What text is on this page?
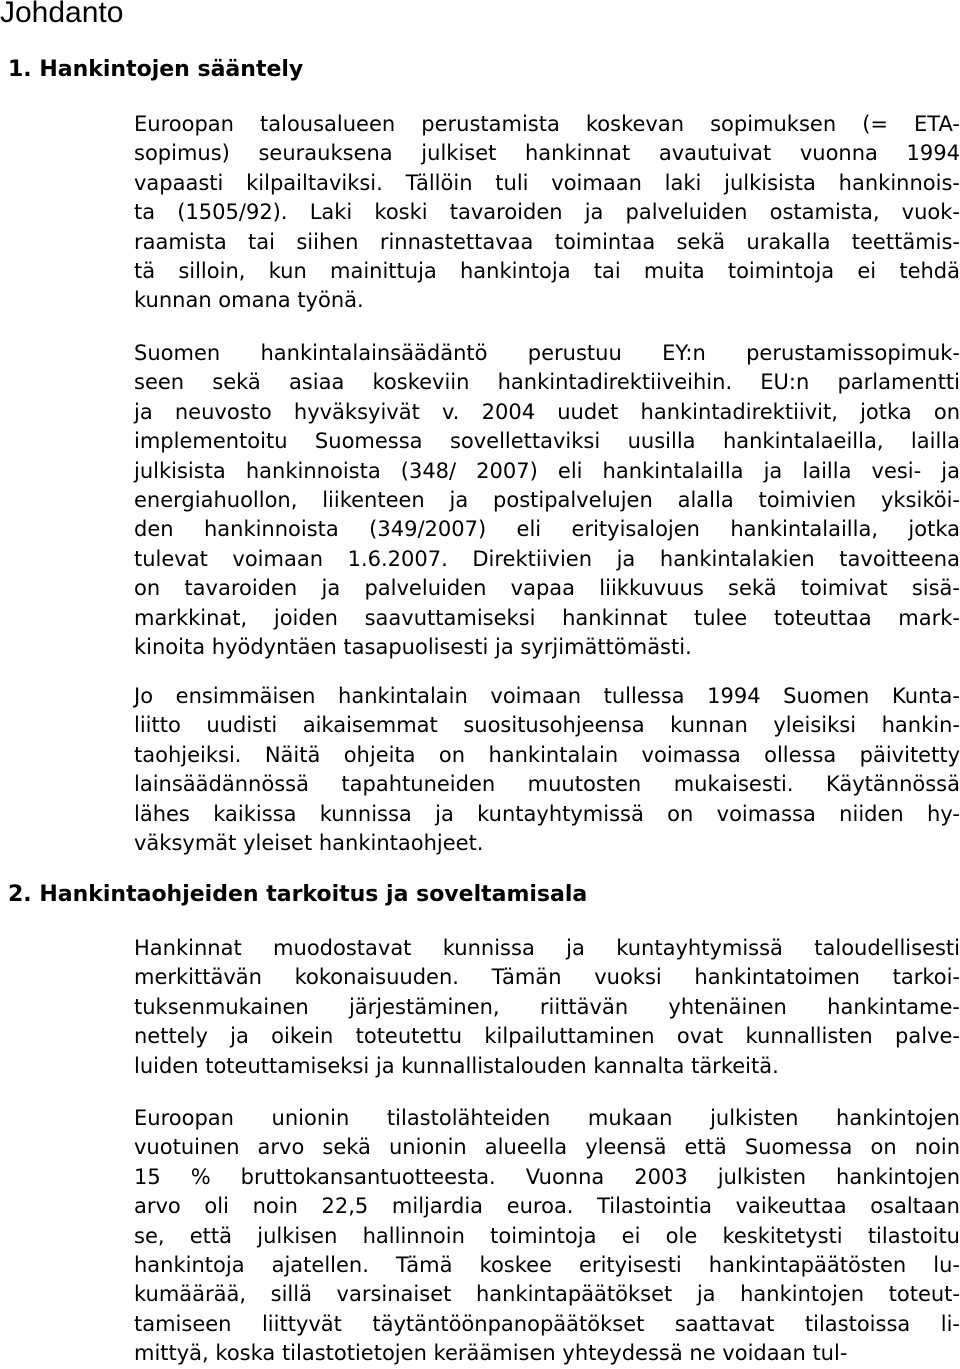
Johdanto
1. Hankintojen sääntely
Euroopan talousalueen perustamista koskevan sopimuksen (= ETA-
sopimus) seurauksena julkiset hankinnat avautuivat vuonna 1994
vapaasti kilpailtaviksi. Tällöin tuli voimaan laki julkisista hankinnois-
ta (1505/92). Laki koski tavaroiden ja palveluiden ostamista, vuok-
raamista tai siihen rinnastettavaa toimintaa sekä urakalla teettämis-
tä silloin, kun mainittuja hankintoja tai muita toimintoja ei tehdä
kunnan omana työnä.
Suomen hankintalainsäädäntö perustuu EY:n perustamissopimuk-
seen sekä asiaa koskeviin hankintadirektiiveihin. EU:n parlamentti
ja neuvosto hyväksyivät v. 2004 uudet hankintadirektiivit, jotka on
implementoitu Suomessa sovellettaviksi uusilla hankintalaeilla, lailla
julkisista hankinnoista (348/ 2007) eli hankintalailla ja lailla vesi- ja
energiahuollon, liikenteen ja postipalvelujen alalla toimivien yksiköi-
den hankinnoista (349/2007) eli erityisalojen hankintalailla, jotka
tulevat voimaan 1.6.2007. Direktiivien ja hankintalakien tavoitteena
on tavaroiden ja palveluiden vapaa liikkuvuus sekä toimivat sisä-
markkinat, joiden saavuttamiseksi hankinnat tulee toteuttaa mark-
kinoita hyödyntäen tasapuolisesti ja syrjimättömästi.
Jo ensimmäisen hankintalain voimaan tullessa 1994 Suomen Kunta-
liitto uudisti aikaisemmat suositusohjeensa kunnan yleisiksi hankin-
taohjeiksi. Näitä ohjeita on hankintalain voimassa ollessa päivitetty
lainsäädännössä tapahtuneiden muutosten mukaisesti. Käytännössä
lähes kaikissa kunnissa ja kuntayhtymissä on voimassa niiden hy-
väksymät yleiset hankintaohjeet.
2. Hankintaohjeiden tarkoitus ja soveltamisala
Hankinnat muodostavat kunnissa ja kuntayhtymissä taloudellisesti
merkittävän kokonaisuuden. Tämän vuoksi hankintatoimen tarkoi-
tuksenmukainen järjestäminen, riittävän yhtenäinen hankintame-
nettely ja oikein toteutettu kilpailuttaminen ovat kunnallisten palve-
luiden toteuttamiseksi ja kunnallistalouden kannalta tärkeitä.
Euroopan unionin tilastolähteiden mukaan julkisten hankintojen
vuotuinen arvo sekä unionin alueella yleensä että Suomessa on noin
15 % bruttokansantuotteesta. Vuonna 2003 julkisten hankintojen
arvo oli noin 22,5 miljardia euroa. Tilastointia vaikeuttaa osaltaan
se, että julkisen hallinnoin toimintoja ei ole keskitetysti tilastoitu
hankintoja ajatellen. Tämä koskee erityisesti hankintapäätösten lu-
kumäärää, sillä varsinaiset hankintapäätökset ja hankintojen toteut-
tamiseen liittyvät täytäntöönpanopäätökset saattavat tilastoissa li-
mittyä, koska tilastotietojen keräämisen yhteydessä ne voidaan tul-
